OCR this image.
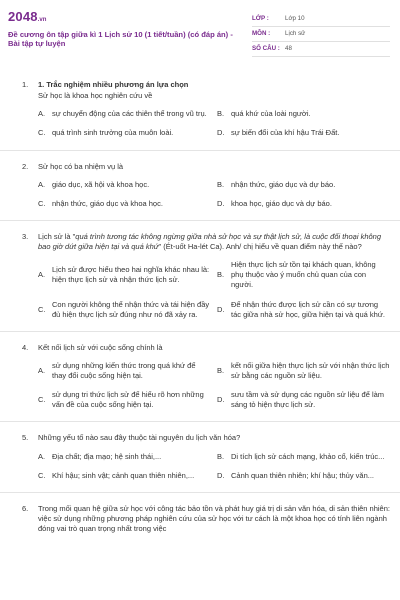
2048.vn
Đề cương ôn tập giữa kì 1 Lịch sử 10 (1 tiết/tuần) (có đáp án) - Bài tập tự luyện
LỚP :	Lớp 10
MÔN :	Lịch sử
SỐ CÂU : 48
1.	1. Trắc nghiệm nhiều phương án lựa chọn
Sử học là khoa học nghiên cứu về
A. sự chuyển động của các thiên thể trong vũ trụ.	B. quá khứ của loài người.
C. quá trình sinh trưởng của muôn loài.	D. sự biến đổi của khí hậu Trái Đất.
2.	Sử học có ba nhiệm vụ là
A. giáo dục, xã hội và khoa học.	B. nhận thức, giáo dục và dự báo.
C. nhận thức, giáo dục và khoa học.	D. khoa học, giáo dục và dự báo.
3.	Lịch sử là "quá trình tương tác không ngừng giữa nhà sử học và sự thật lịch sử, là cuộc đối thoại không bao giờ dứt giữa hiện tại và quá khứ" (Ét-uốt Ha-lét Ca). Anh/ chị hiểu về quan điểm này thế nào?
A.
Lịch sử được hiểu theo hai nghĩa khác nhau là: hiện thực lịch sử và nhận thức lịch sử.
B.
Hiện thực lịch sử tồn tại khách quan, không phụ thuộc vào ý muốn chủ quan của con người.
C.
Con người không thể nhận thức và tái hiện đầy đủ hiện thực lịch sử đúng như nó đã xảy ra.
D.
Để nhận thức được lịch sử cần có sự tương tác giữa nhà sử học, giữa hiện tại và quá khứ.
4.	Kết nối lịch sử với cuộc sống chính là
A.
sử dụng những kiến thức trong quá khứ để thay đổi cuộc sống hiện tại.
B.
kết nối giữa hiện thực lịch sử với nhận thức lịch sử bằng các nguồn sử liệu.
C.
sử dụng tri thức lịch sử để hiểu rõ hơn những vấn đề của cuộc sống hiện tại.
D.
sưu tầm và sử dụng các nguồn sử liệu để làm sáng tỏ hiện thực lịch sử.
5.	Những yếu tố nào sau đây thuộc tài nguyên du lịch văn hóa?
A. Địa chất; địa mạo; hệ sinh thái,...	B. Di tích lịch sử cách mạng, khảo cổ, kiến trúc...
C. Khí hậu; sinh vật; cảnh quan thiên nhiên,...	D. Cảnh quan thiên nhiên; khí hậu; thủy văn...
6.	Trong mối quan hệ giữa sử học với công tác bảo tồn và phát huy giá trị di sản văn hóa, di sản thiên nhiên: việc sử dụng những phương pháp nghiên cứu của sử học với tư cách là một khoa học có tính liên ngành đóng vai trò quan trọng nhất trong việc
